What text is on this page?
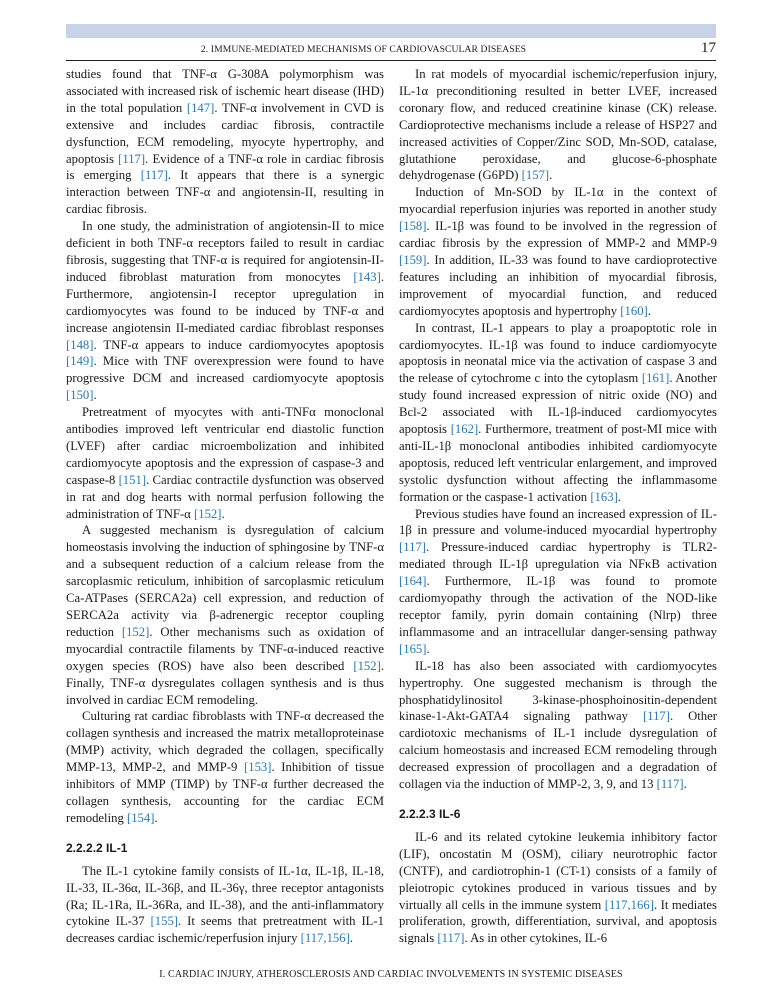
2. IMMUNE-MEDIATED MECHANISMS OF CARDIOVASCULAR DISEASES	17

studies found that TNF-α G-308A polymorphism was associated with increased risk of ischemic heart disease (IHD) in the total population [147]. TNF-α involvement in CVD is extensive and includes cardiac fibrosis, contractile dysfunction, ECM remodeling, myocyte hypertrophy, and apoptosis [117]. Evidence of a TNF-α role in cardiac fibrosis is emerging [117]. It appears that there is a synergic interaction between TNF-α and angiotensin-II, resulting in cardiac fibrosis.

In one study, the administration of angiotensin-II to mice deficient in both TNF-α receptors failed to result in cardiac fibrosis, suggesting that TNF-α is required for angiotensin-II-induced fibroblast maturation from monocytes [143]. Furthermore, angiotensin-I receptor upregulation in cardiomyocytes was found to be induced by TNF-α and increase angiotensin II-mediated cardiac fibroblast responses [148]. TNF-α appears to induce cardiomyocytes apoptosis [149]. Mice with TNF overexpression were found to have progressive DCM and increased cardiomyocyte apoptosis [150].

Pretreatment of myocytes with anti-TNFα monoclonal antibodies improved left ventricular end diastolic function (LVEF) after cardiac microembolization and inhibited cardiomyocyte apoptosis and the expression of caspase-3 and caspase-8 [151]. Cardiac contractile dysfunction was observed in rat and dog hearts with normal perfusion following the administration of TNF-α [152].

A suggested mechanism is dysregulation of calcium homeostasis involving the induction of sphingosine by TNF-α and a subsequent reduction of a calcium release from the sarcoplasmic reticulum, inhibition of sarcoplasmic reticulum Ca-ATPases (SERCA2a) cell expression, and reduction of SERCA2a activity via β-adrenergic receptor coupling reduction [152]. Other mechanisms such as oxidation of myocardial contractile filaments by TNF-α-induced reactive oxygen species (ROS) have also been described [152]. Finally, TNF-α dysregulates collagen synthesis and is thus involved in cardiac ECM remodeling.

Culturing rat cardiac fibroblasts with TNF-α decreased the collagen synthesis and increased the matrix metalloproteinase (MMP) activity, which degraded the collagen, specifically MMP-13, MMP-2, and MMP-9 [153]. Inhibition of tissue inhibitors of MMP (TIMP) by TNF-α further decreased the collagen synthesis, accounting for the cardiac ECM remodeling [154].

2.2.2.2 IL-1

The IL-1 cytokine family consists of IL-1α, IL-1β, IL-18, IL-33, IL-36α, IL-36β, and IL-36γ, three receptor antagonists (Ra; IL-1Ra, IL-36Ra, and IL-38), and the anti-inflammatory cytokine IL-37 [155]. It seems that pretreatment with IL-1 decreases cardiac ischemic/reperfusion injury [117,156].

In rat models of myocardial ischemic/reperfusion injury, IL-1α preconditioning resulted in better LVEF, increased coronary flow, and reduced creatinine kinase (CK) release. Cardioprotective mechanisms include a release of HSP27 and increased activities of Copper/Zinc SOD, Mn-SOD, catalase, glutathione peroxidase, and glucose-6-phosphate dehydrogenase (G6PD) [157].

Induction of Mn-SOD by IL-1α in the context of myocardial reperfusion injuries was reported in another study [158]. IL-1β was found to be involved in the regression of cardiac fibrosis by the expression of MMP-2 and MMP-9 [159]. In addition, IL-33 was found to have cardioprotective features including an inhibition of myocardial fibrosis, improvement of myocardial function, and reduced cardiomyocytes apoptosis and hypertrophy [160].

In contrast, IL-1 appears to play a proapoptotic role in cardiomyocytes. IL-1β was found to induce cardiomyocyte apoptosis in neonatal mice via the activation of caspase 3 and the release of cytochrome c into the cytoplasm [161]. Another study found increased expression of nitric oxide (NO) and Bcl-2 associated with IL-1β-induced cardiomyocytes apoptosis [162]. Furthermore, treatment of post-MI mice with anti-IL-1β monoclonal antibodies inhibited cardiomyocyte apoptosis, reduced left ventricular enlargement, and improved systolic dysfunction without affecting the inflammasome formation or the caspase-1 activation [163].

Previous studies have found an increased expression of IL-1β in pressure and volume-induced myocardial hypertrophy [117]. Pressure-induced cardiac hypertrophy is TLR2-mediated through IL-1β upregulation via NFκB activation [164]. Furthermore, IL-1β was found to promote cardiomyopathy through the activation of the NOD-like receptor family, pyrin domain containing (Nlrp) three inflammasome and an intracellular danger-sensing pathway [165].

IL-18 has also been associated with cardiomyocytes hypertrophy. One suggested mechanism is through the phosphatidylinositol 3-kinase-phosphoinositin-dependent kinase-1-Akt-GATA4 signaling pathway [117]. Other cardiotoxic mechanisms of IL-1 include dysregulation of calcium homeostasis and increased ECM remodeling through decreased expression of procollagen and a degradation of collagen via the induction of MMP-2, 3, 9, and 13 [117].

2.2.2.3 IL-6

IL-6 and its related cytokine leukemia inhibitory factor (LIF), oncostatin M (OSM), ciliary neurotrophic factor (CNTF), and cardiotrophin-1 (CT-1) consists of a family of pleiotropic cytokines produced in various tissues and by virtually all cells in the immune system [117,166]. It mediates proliferation, growth, differentiation, survival, and apoptosis signals [117]. As in other cytokines, IL-6

I. CARDIAC INJURY, ATHEROSCLEROSIS AND CARDIAC INVOLVEMENTS IN SYSTEMIC DISEASES
